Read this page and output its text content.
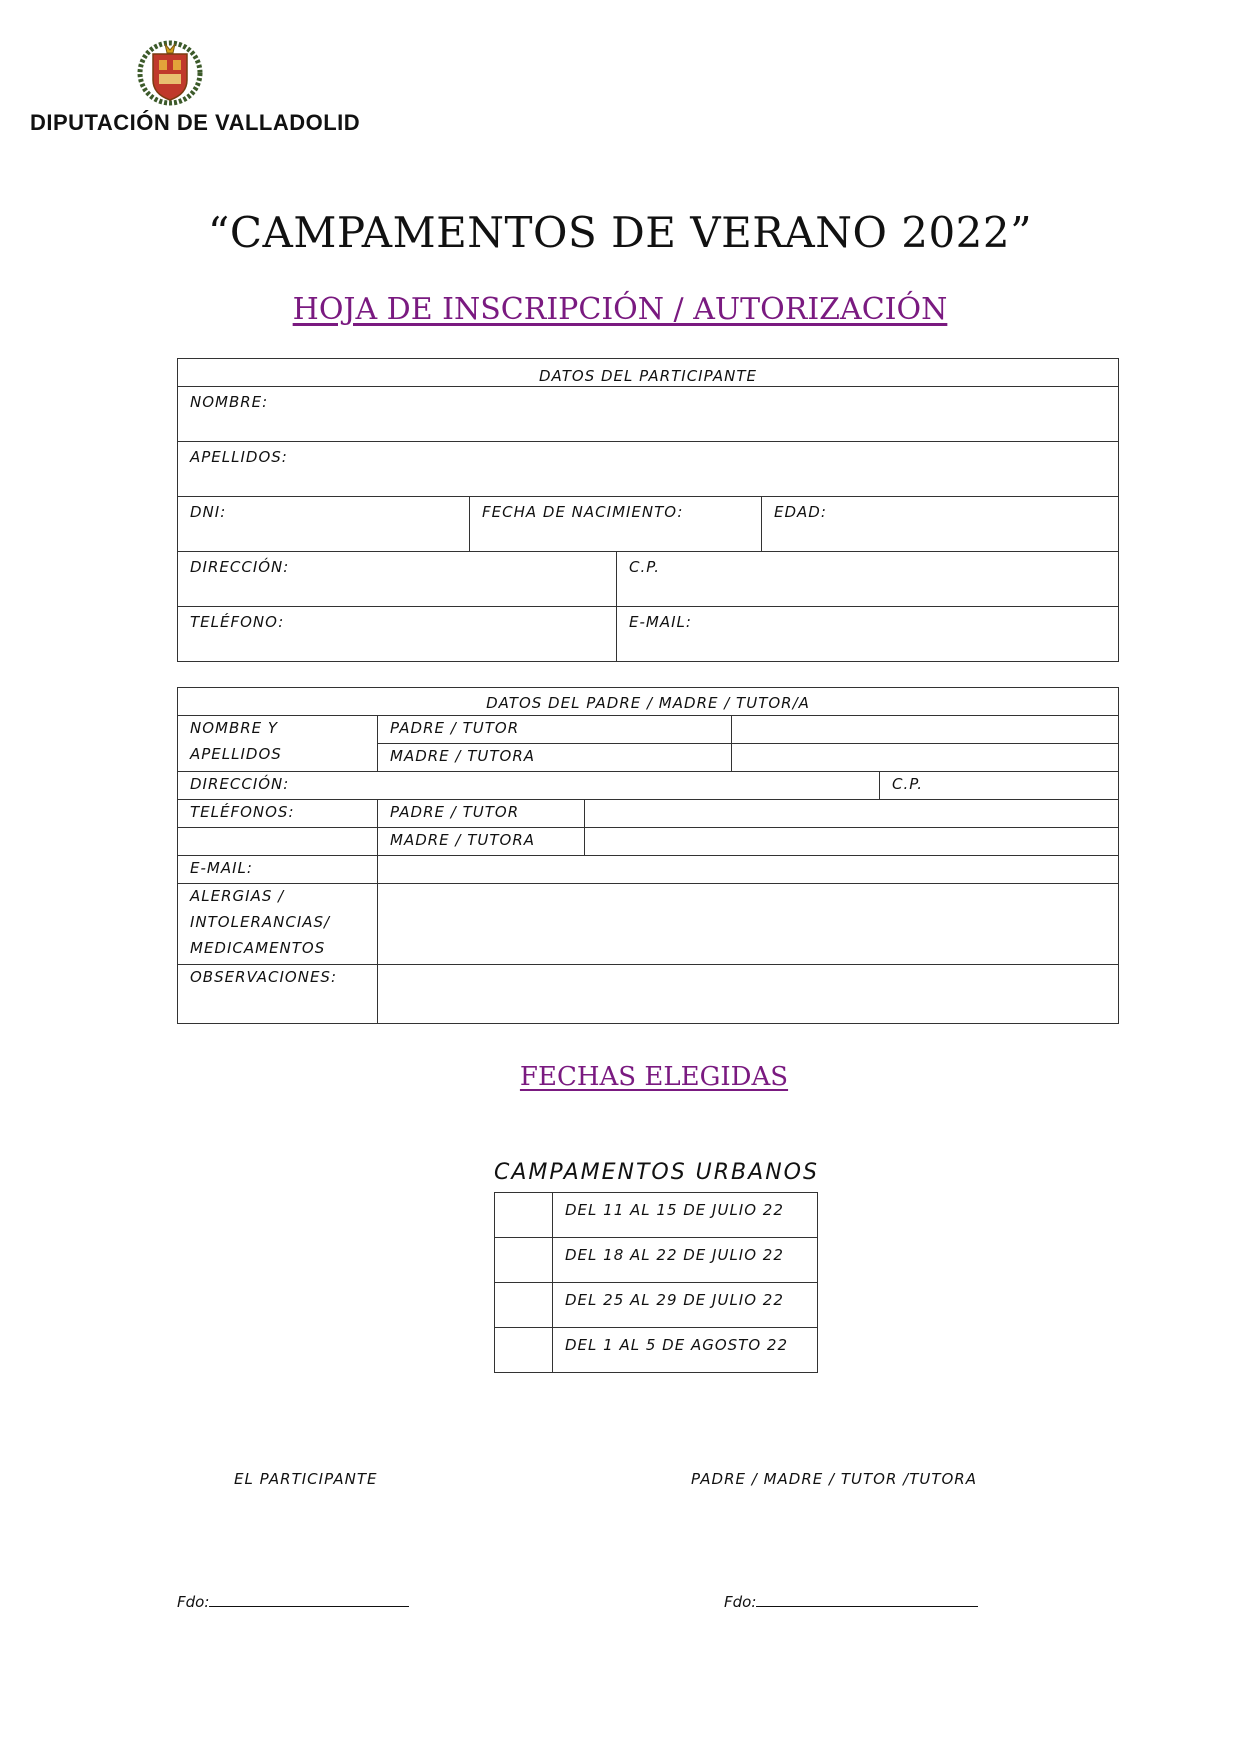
DIPUTACIÓN DE VALLADOLID
“CAMPAMENTOS DE VERANO 2022”
HOJA DE INSCRIPCIÓN / AUTORIZACIÓN
DATOS DEL PARTICIPANTE			
NOMBRE:			
APELLIDOS:			
DNI:	FECHA DE NACIMIENTO:		EDAD:
DIRECCIÓN:		C.P.	
TELÉFONO:		E-MAIL:	
DATOS DEL PADRE / MADRE / TUTOR/A				

NOMBRE Y
APELLIDOS	PADRE / TUTOR			
	MADRE / TUTORA			
DIRECCIÓN:				C.P.
TELÉFONOS:	PADRE / TUTOR			
	MADRE / TUTORA			
E-MAIL:				

ALERGIAS /
INTOLERANCIAS/
MEDICAMENTOS				

OBSERVACIONES:				
FECHAS ELEGIDAS
CAMPAMENTOS URBANOS
	DEL 11 AL 15 DE JULIO 22
	DEL 18 AL 22 DE JULIO 22
	DEL 25 AL 29 DE JULIO 22
	DEL 1 AL 5 DE AGOSTO 22
EL PARTICIPANTE	PADRE / MADRE / TUTOR /TUTORA
Fdo:	Fdo:
